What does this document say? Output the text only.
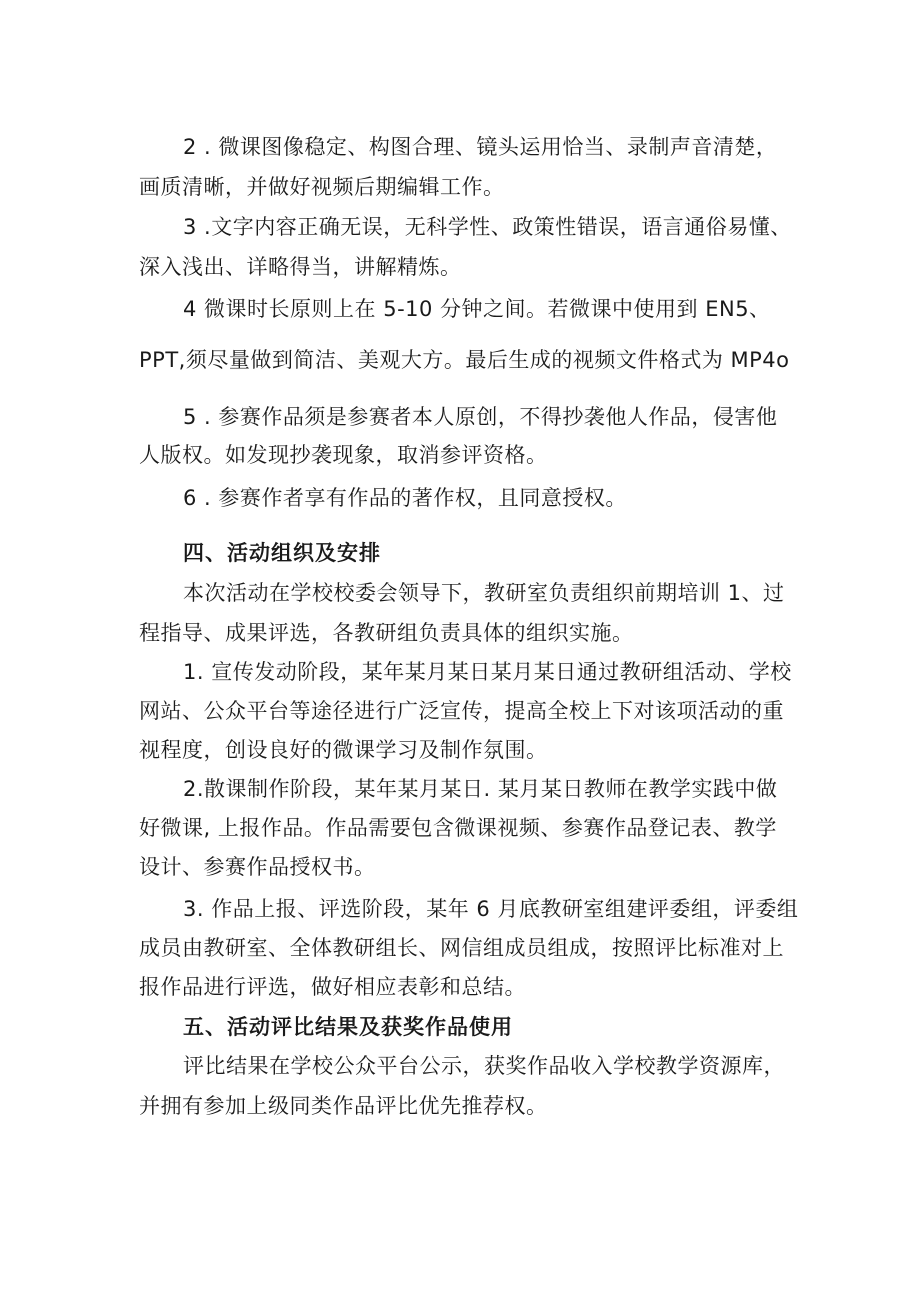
2 . 微课图像稳定、构图合理、镜头运用恰当、录制声音清楚，

画质清晰，并做好视频后期编辑工作。

3 .文字内容正确无误，无科学性、政策性错误，语言通俗易懂、

深入浅出、详略得当，讲解精炼。

4 微课时长原则上在 5-10 分钟之间。若微课中使用到 EN5、

PPT,须尽量做到简洁、美观大方。最后生成的视频文件格式为 MP4o

5 . 参赛作品须是参赛者本人原创，不得抄袭他人作品，侵害他

人版权。如发现抄袭现象，取消参评资格。

6 . 参赛作者享有作品的著作权，且同意授权。

四、活动组织及安排

本次活动在学校校委会领导下，教研室负责组织前期培训 1、过

程指导、成果评选，各教研组负责具体的组织实施。

1. 宣传发动阶段，某年某月某日某月某日通过教研组活动、学校

网站、公众平台等途径进行广泛宣传，提高全校上下对该项活动的重

视程度，创设良好的微课学习及制作氛围。

2.散课制作阶段，某年某月某日. 某月某日教师在教学实践中做

好微课, 上报作品。作品需要包含微课视频、参赛作品登记表、教学

设计、参赛作品授权书。

3. 作品上报、评选阶段，某年 6 月底教研室组建评委组，评委组

成员由教研室、全体教研组长、网信组成员组成，按照评比标准对上

报作品进行评选，做好相应表彰和总结。

五、活动评比结果及获奖作品使用

评比结果在学校公众平台公示，获奖作品收入学校教学资源库，

并拥有参加上级同类作品评比优先推荐权。
